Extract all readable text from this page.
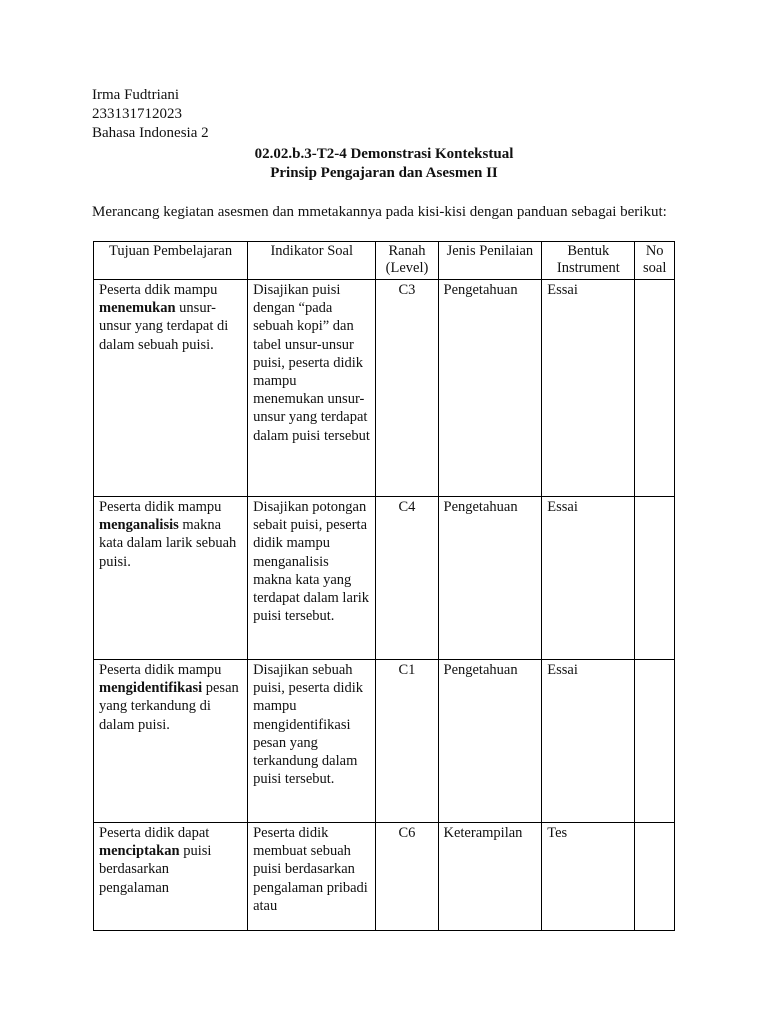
Irma Fudtriani
233131712023
Bahasa Indonesia 2
02.02.b.3-T2-4 Demonstrasi Kontekstual
Prinsip Pengajaran dan Asesmen II
Merancang kegiatan asesmen dan mmetakannya pada kisi-kisi dengan panduan sebagai berikut:
Tujuan Pembelajaran	Indikator Soal	Ranah (Level)	Jenis Penilaian	Bentuk Instrument	No soal
Peserta ddik mampu
menemukan unsur-unsur yang terdapat di dalam sebuah puisi.	Disajikan puisi dengan “pada sebuah kopi” dan tabel unsur-unsur puisi, peserta didik mampu menemukan unsur-unsur yang terdapat dalam puisi tersebut	C3	Pengetahuan	Essai	
Peserta didik mampu
menganalisis makna kata dalam larik sebuah puisi.	Disajikan potongan sebait puisi, peserta didik mampu menganalisis makna kata yang terdapat dalam larik puisi tersebut.	C4	Pengetahuan	Essai	
Peserta didik mampu
mengidentifikasi pesan yang terkandung di dalam puisi.	Disajikan sebuah puisi, peserta didik mampu mengidentifikasi pesan yang terkandung dalam puisi tersebut.	C1	Pengetahuan	Essai	
Peserta didik dapat
menciptakan puisi berdasarkan pengalaman	Peserta didik membuat sebuah puisi berdasarkan pengalaman pribadi atau	C6	Keterampilan	Tes	
